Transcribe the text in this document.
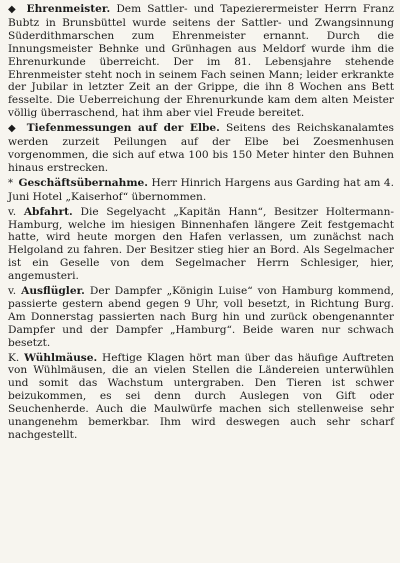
◆ Ehrenmeister. Dem Sattler- und Tapezierermeister Herrn Franz Bubtz in Brunsbüttel wurde seitens der Sattler- und Zwangsinnung Süderdithmarschen zum Ehrenmeister ernannt. Durch die Innungsmeister Behnke und Grünhagen aus Meldorf wurde ihm die Ehrenurkunde überreicht. Der im 81. Lebensjahre stehende Ehrenmeister steht noch in seinem Fach seinen Mann; leider erkrankte der Jubilar in letzter Zeit an der Grippe, die ihn 8 Wochen ans Bett fesselte. Die Ueberreichung der Ehrenurkunde kam dem alten Meister völlig überraschend, hat ihm aber viel Freude bereitet.

◆ Tiefenmessungen auf der Elbe. Seitens des Reichskanalamtes werden zurzeit Peilungen auf der Elbe bei Zoesmenhusen vorgenommen, die sich auf etwa 100 bis 150 Meter hinter den Buhnen hinaus erstrecken.

* Geschäftsübernahme. Herr Hinrich Hargens aus Garding hat am 4. Juni Hotel „Kaiserhof“ übernommen.

v. Abfahrt. Die Segelyacht „Kapitän Hann“, Besitzer Holtermann-Hamburg, welche im hiesigen Binnenhafen längere Zeit festgemacht hatte, wird heute morgen den Hafen verlassen, um zunächst nach Helgoland zu fahren. Der Besitzer stieg hier an Bord. Als Segelmacher ist ein Geselle von dem Segelmacher Herrn Schlesiger, hier, angemusteri.

v. Ausflügler. Der Dampfer „Königin Luise“ von Hamburg kommend, passierte gestern abend gegen 9 Uhr, voll besetzt, in Richtung Burg. Am Donnerstag passierten nach Burg hin und zurück obengenannter Dampfer und der Dampfer „Hamburg“. Beide waren nur schwach besetzt.

K. Wühlmäuse. Heftige Klagen hört man über das häufige Auftreten von Wühlmäusen, die an vielen Stellen die Ländereien unterwühlen und somit das Wachstum untergraben. Den Tieren ist schwer beizukommen, es sei denn durch Auslegen von Gift oder Seuchenherde. Auch die Maulwürfe machen sich stellenweise sehr unangenehm bemerkbar. Ihm wird deswegen auch sehr scharf nachgestellt.
